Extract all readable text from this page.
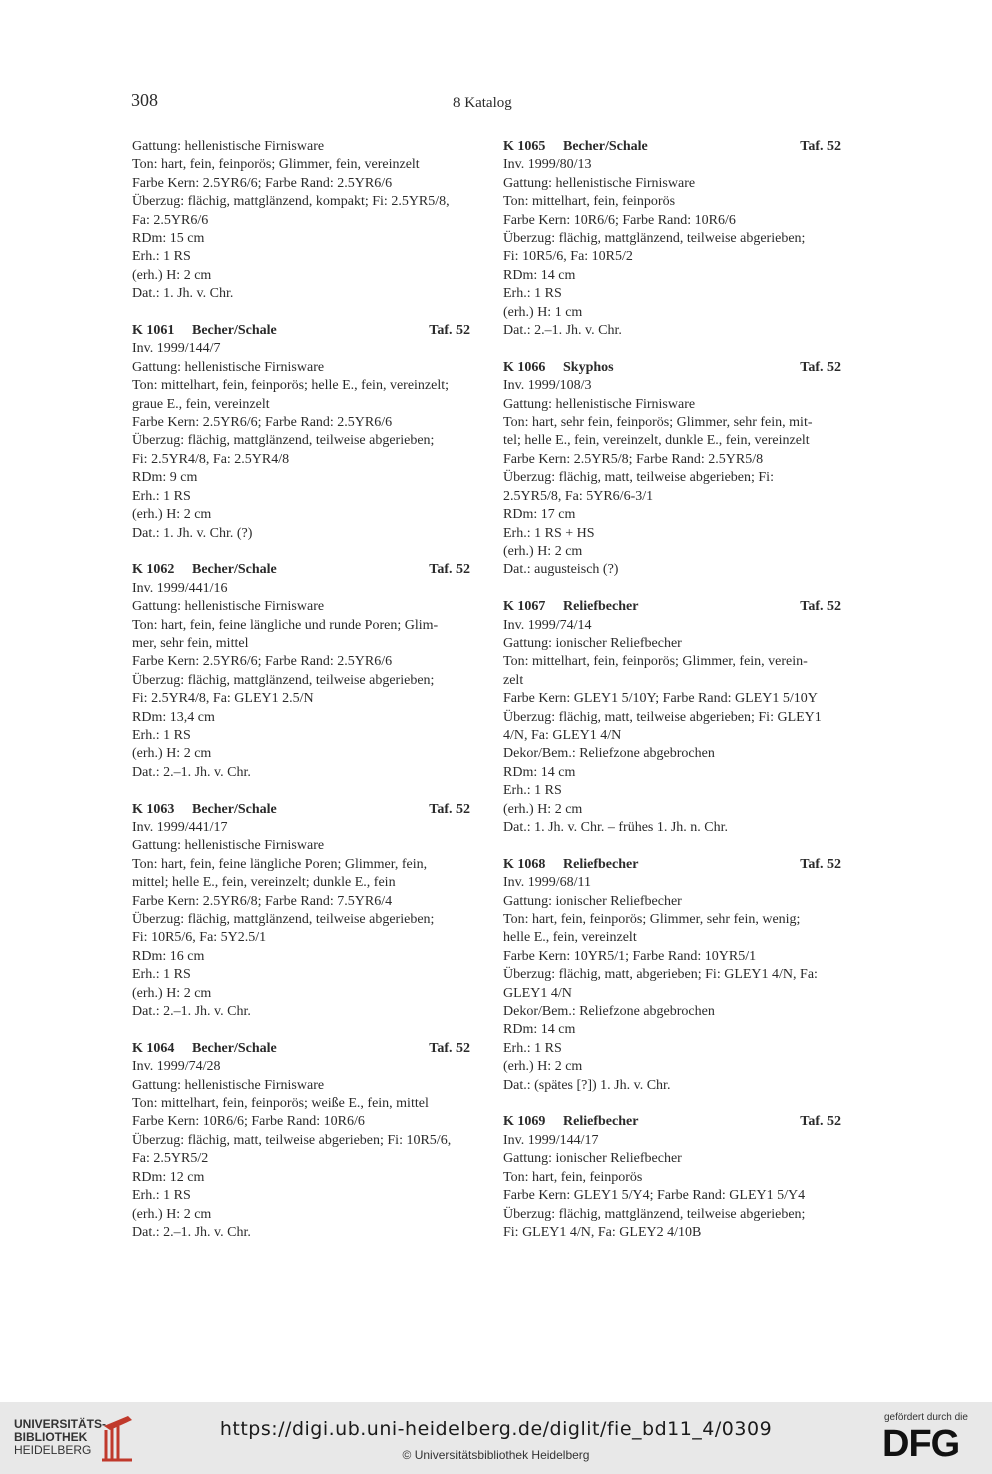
308	8 Katalog
Gattung: hellenistische Firnisware
Ton: hart, fein, feinporös; Glimmer, fein, vereinzelt
Farbe Kern: 2.5YR6/6; Farbe Rand: 2.5YR6/6
Überzug: flächig, mattglänzend, kompakt; Fi: 2.5YR5/8,
Fa: 2.5YR6/6
RDm: 15 cm
Erh.: 1 RS
(erh.) H: 2 cm
Dat.: 1. Jh. v. Chr.
K 1061 Becher/Schale	Taf. 52
Inv. 1999/144/7
Gattung: hellenistische Firnisware
Ton: mittelhart, fein, feinporös; helle E., fein, vereinzelt;
graue E., fein, vereinzelt
Farbe Kern: 2.5YR6/6; Farbe Rand: 2.5YR6/6
Überzug: flächig, mattglänzend, teilweise abgerieben;
Fi: 2.5YR4/8, Fa: 2.5YR4/8
RDm: 9 cm
Erh.: 1 RS
(erh.) H: 2 cm
Dat.: 1. Jh. v. Chr. (?)
K 1062 Becher/Schale	Taf. 52
Inv. 1999/441/16
Gattung: hellenistische Firnisware
Ton: hart, fein, feine längliche und runde Poren; Glim-
mer, sehr fein, mittel
Farbe Kern: 2.5YR6/6; Farbe Rand: 2.5YR6/6
Überzug: flächig, mattglänzend, teilweise abgerieben;
Fi: 2.5YR4/8, Fa: GLEY1 2.5/N
RDm: 13,4 cm
Erh.: 1 RS
(erh.) H: 2 cm
Dat.: 2.–1. Jh. v. Chr.
K 1063 Becher/Schale	Taf. 52
Inv. 1999/441/17
Gattung: hellenistische Firnisware
Ton: hart, fein, feine längliche Poren; Glimmer, fein,
mittel; helle E., fein, vereinzelt; dunkle E., fein
Farbe Kern: 2.5YR6/8; Farbe Rand: 7.5YR6/4
Überzug: flächig, mattglänzend, teilweise abgerieben;
Fi: 10R5/6, Fa: 5Y2.5/1
RDm: 16 cm
Erh.: 1 RS
(erh.) H: 2 cm
Dat.: 2.–1. Jh. v. Chr.
K 1064 Becher/Schale	Taf. 52
Inv. 1999/74/28
Gattung: hellenistische Firnisware
Ton: mittelhart, fein, feinporös; weiße E., fein, mittel
Farbe Kern: 10R6/6; Farbe Rand: 10R6/6
Überzug: flächig, matt, teilweise abgerieben; Fi: 10R5/6,
Fa: 2.5YR5/2
RDm: 12 cm
Erh.: 1 RS
(erh.) H: 2 cm
Dat.: 2.–1. Jh. v. Chr.
K 1065 Becher/Schale	Taf. 52
Inv. 1999/80/13
Gattung: hellenistische Firnisware
Ton: mittelhart, fein, feinporös
Farbe Kern: 10R6/6; Farbe Rand: 10R6/6
Überzug: flächig, mattglänzend, teilweise abgerieben;
Fi: 10R5/6, Fa: 10R5/2
RDm: 14 cm
Erh.: 1 RS
(erh.) H: 1 cm
Dat.: 2.–1. Jh. v. Chr.
K 1066 Skyphos	Taf. 52
Inv. 1999/108/3
Gattung: hellenistische Firnisware
Ton: hart, sehr fein, feinporös; Glimmer, sehr fein, mit-
tel; helle E., fein, vereinzelt, dunkle E., fein, vereinzelt
Farbe Kern: 2.5YR5/8; Farbe Rand: 2.5YR5/8
Überzug: flächig, matt, teilweise abgerieben; Fi:
2.5YR5/8, Fa: 5YR6/6-3/1
RDm: 17 cm
Erh.: 1 RS + HS
(erh.) H: 2 cm
Dat.: augusteisch (?)
K 1067 Reliefbecher	Taf. 52
Inv. 1999/74/14
Gattung: ionischer Reliefbecher
Ton: mittelhart, fein, feinporös; Glimmer, fein, verein-
zelt
Farbe Kern: GLEY1 5/10Y; Farbe Rand: GLEY1 5/10Y
Überzug: flächig, matt, teilweise abgerieben; Fi: GLEY1
4/N, Fa: GLEY1 4/N
Dekor/Bem.: Reliefzone abgebrochen
RDm: 14 cm
Erh.: 1 RS
(erh.) H: 2 cm
Dat.: 1. Jh. v. Chr. – frühes 1. Jh. n. Chr.
K 1068 Reliefbecher	Taf. 52
Inv. 1999/68/11
Gattung: ionischer Reliefbecher
Ton: hart, fein, feinporös; Glimmer, sehr fein, wenig;
helle E., fein, vereinzelt
Farbe Kern: 10YR5/1; Farbe Rand: 10YR5/1
Überzug: flächig, matt, abgerieben; Fi: GLEY1 4/N, Fa:
GLEY1 4/N
Dekor/Bem.: Reliefzone abgebrochen
RDm: 14 cm
Erh.: 1 RS
(erh.) H: 2 cm
Dat.: (spätes [?]) 1. Jh. v. Chr.
K 1069 Reliefbecher	Taf. 52
Inv. 1999/144/17
Gattung: ionischer Reliefbecher
Ton: hart, fein, feinporös
Farbe Kern: GLEY1 5/Y4; Farbe Rand: GLEY1 5/Y4
Überzug: flächig, mattglänzend, teilweise abgerieben;
Fi: GLEY1 4/N, Fa: GLEY2 4/10B
UNIVERSITÄTS-
BIBLIOTHEK
HEIDELBERG
https://digi.ub.uni-heidelberg.de/diglit/fie_bd11_4/0309
© Universitätsbibliothek Heidelberg
gefördert durch die
DFG
